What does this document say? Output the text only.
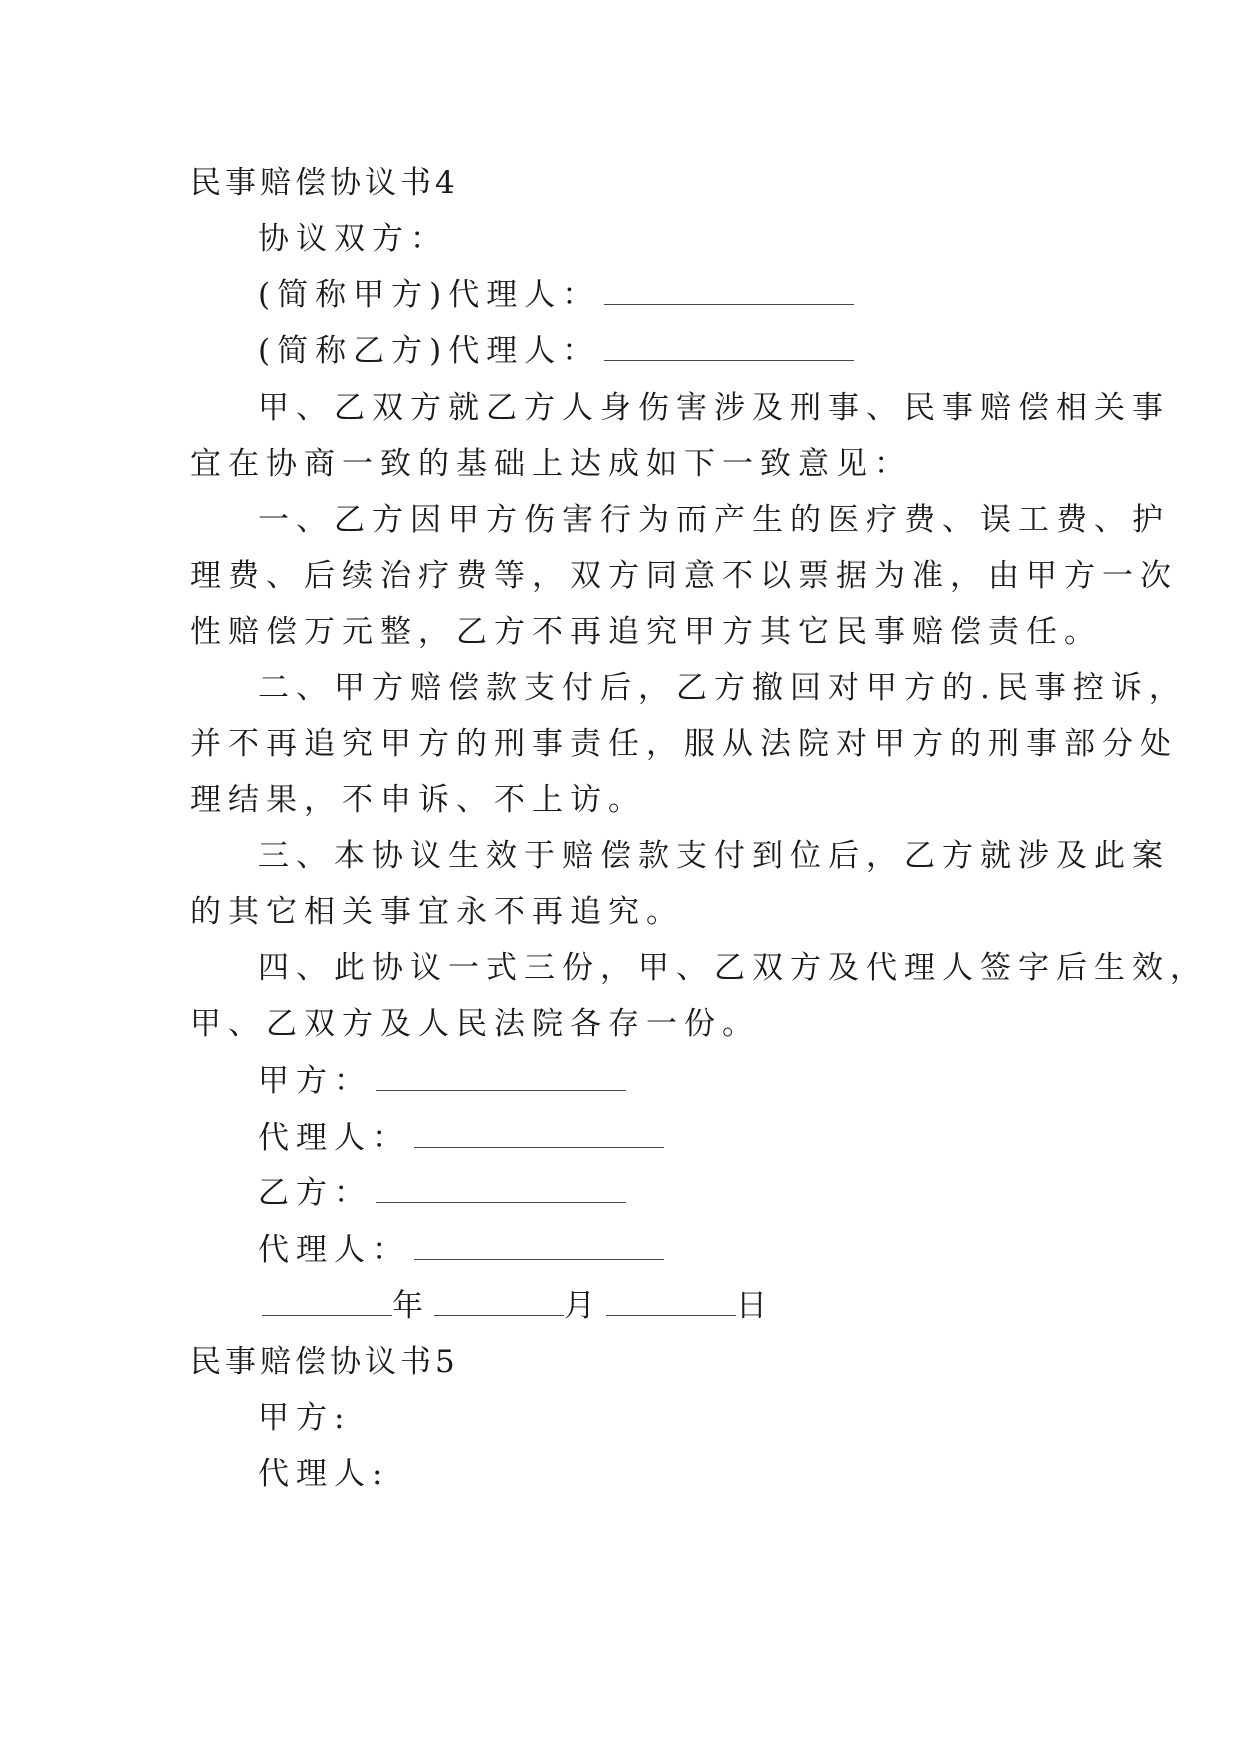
民事赔偿协议书4
协议双方：
(简称甲方)代理人：
(简称乙方)代理人：
甲、乙双方就乙方人身伤害涉及刑事、民事赔偿相关事
宜在协商一致的基础上达成如下一致意见：
一、乙方因甲方伤害行为而产生的医疗费、误工费、护
理费、后续治疗费等，双方同意不以票据为准，由甲方一次
性赔偿万元整，乙方不再追究甲方其它民事赔偿责任。
二、甲方赔偿款支付后，乙方撤回对甲方的.民事控诉，
并不再追究甲方的刑事责任，服从法院对甲方的刑事部分处
理结果，不申诉、不上访。
三、本协议生效于赔偿款支付到位后，乙方就涉及此案
的其它相关事宜永不再追究。
四、此协议一式三份，甲、乙双方及代理人签字后生效，
甲、乙双方及人民法院各存一份。
甲方：
代理人：
乙方：
代理人：
年	月	日
民事赔偿协议书5
甲方:
代理人:
